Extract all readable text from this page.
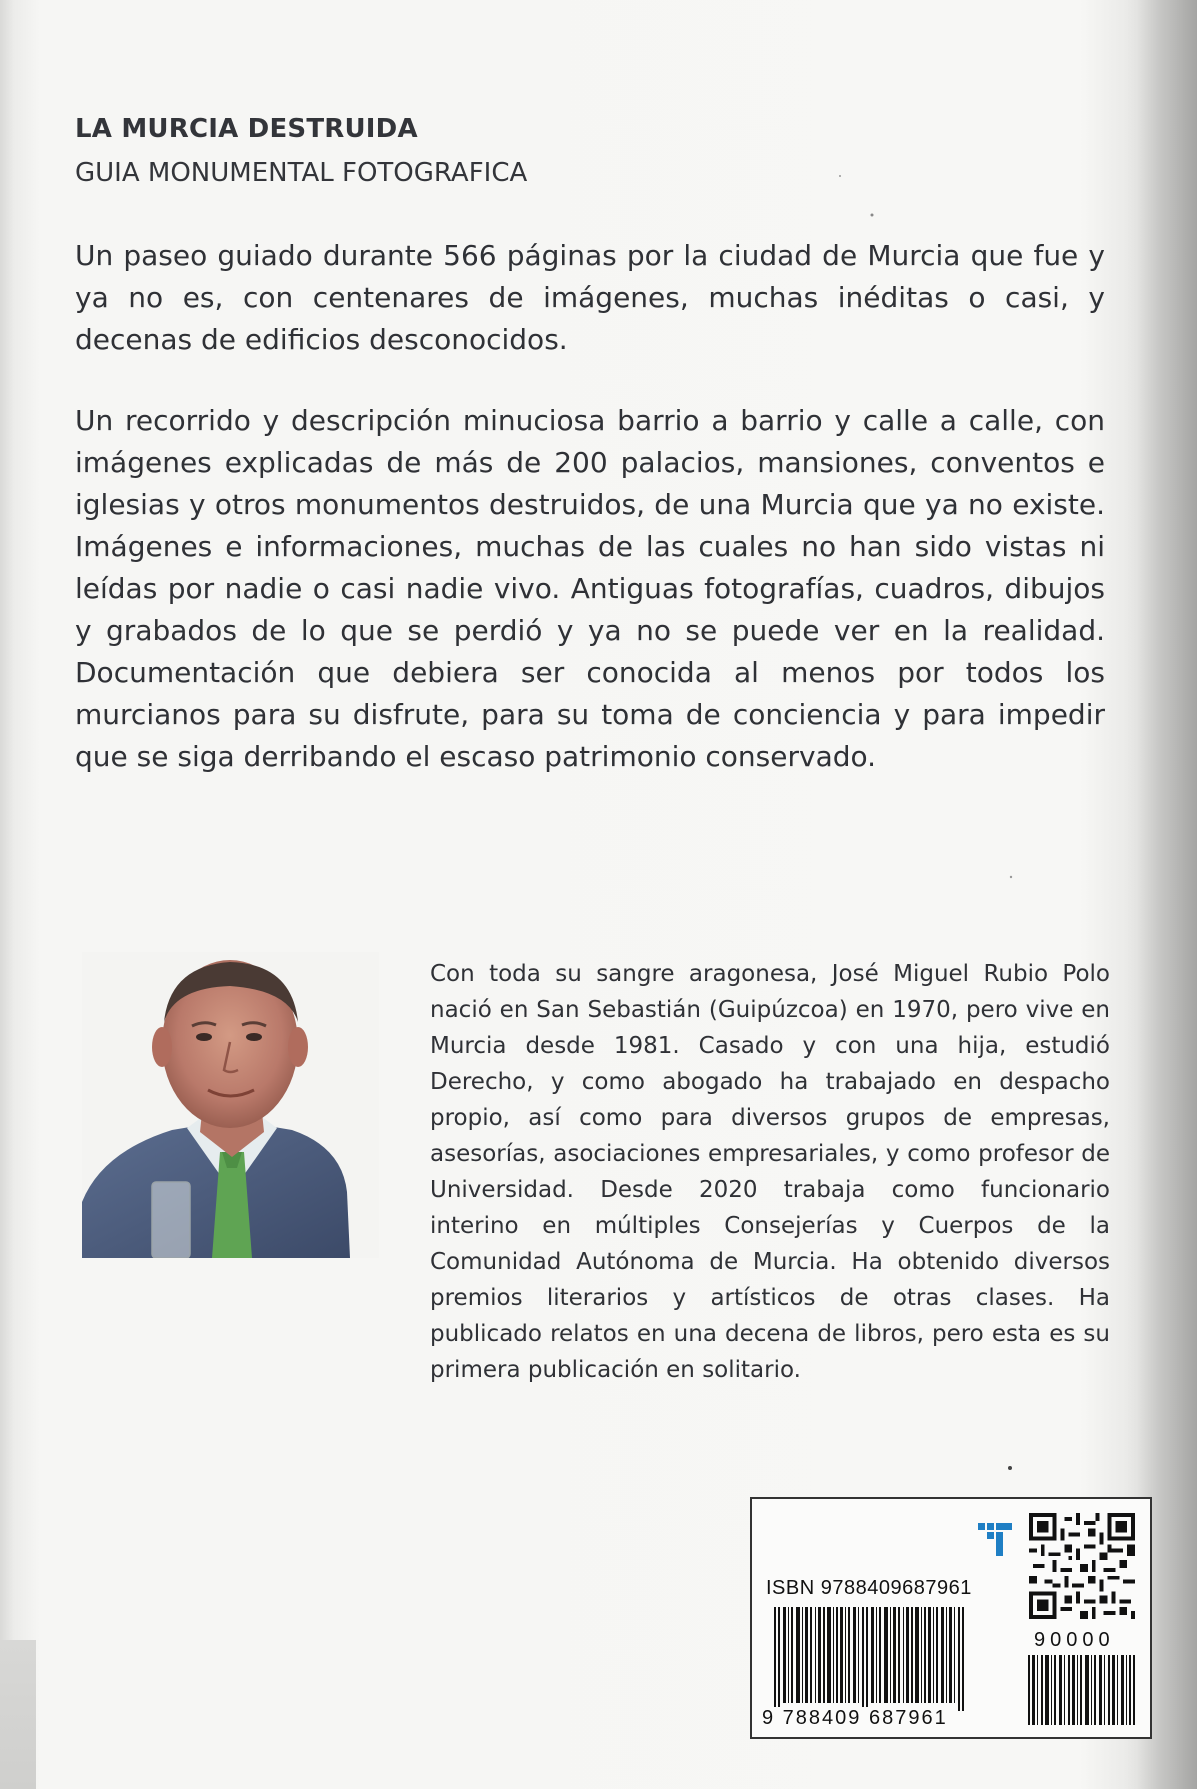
LA MURCIA DESTRUIDA
GUIA MONUMENTAL FOTOGRAFICA
Un paseo guiado durante 566 páginas por la ciudad de Murcia que fue y ya no es, con centenares de imágenes, muchas inéditas o casi, y decenas de edificios desconocidos.
Un recorrido y descripción minuciosa barrio a barrio y calle a calle, con imágenes explicadas de más de 200 palacios, mansiones, conventos e iglesias y otros monumentos destruidos, de una Murcia que ya no existe. Imágenes e informaciones, muchas de las cuales no han sido vistas ni leídas por nadie o casi nadie vivo. Antiguas fotografías, cuadros, dibujos y grabados de lo que se perdió y ya no se puede ver en la realidad. Documentación que debiera ser conocida al menos por todos los murcianos para su disfrute, para su toma de conciencia y para impedir que se siga derribando el escaso patrimonio conservado.
Con toda su sangre aragonesa, José Miguel Rubio Polo nació en San Sebastián (Guipúzcoa) en 1970, pero vive en Murcia desde 1981. Casado y con una hija, estudió Derecho, y como abogado ha trabajado en despacho propio, así como para diversos grupos de empresas, asesorías, asociaciones empresariales, y como profesor de Universidad. Desde 2020 trabaja como funcionario interino en múltiples Consejerías y Cuerpos de la Comunidad Autónoma de Murcia. Ha obtenido diversos premios literarios y artísticos de otras clases. Ha publicado relatos en una decena de libros, pero esta es su primera publicación en solitario.
ISBN 9788409687961
90000
9 788409 687961
